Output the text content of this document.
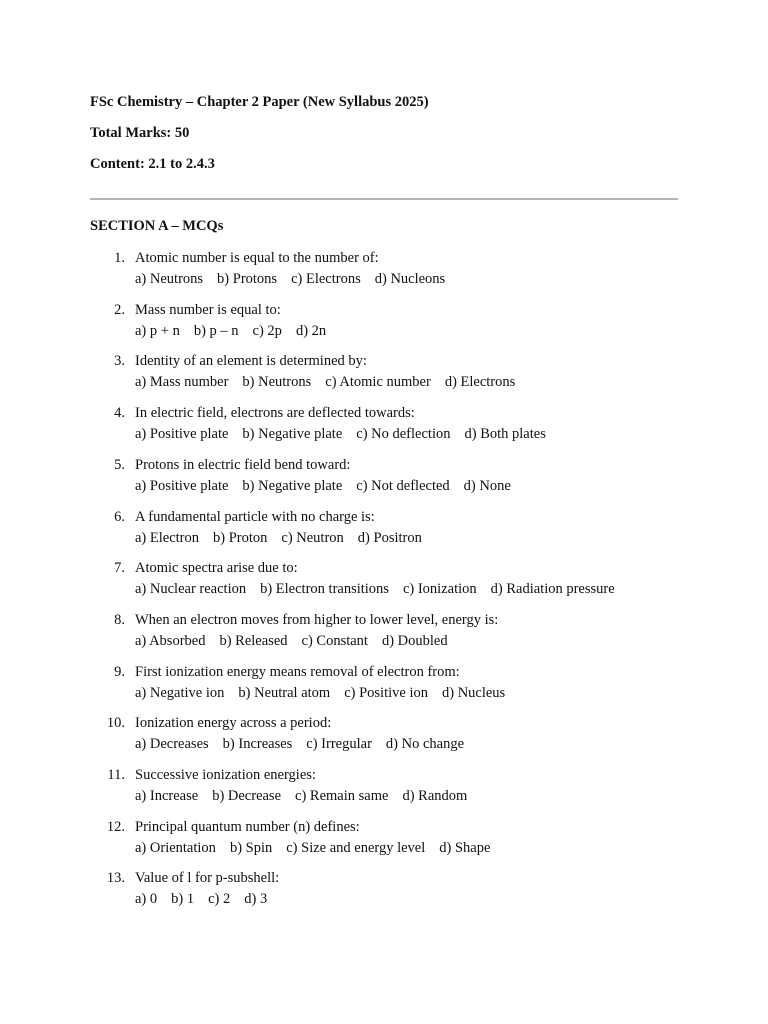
FSc Chemistry – Chapter 2 Paper (New Syllabus 2025)
Total Marks: 50
Content: 2.1 to 2.4.3
SECTION A – MCQs
1. Atomic number is equal to the number of:
a) Neutrons b) Protons c) Electrons d) Nucleons
2. Mass number is equal to:
a) p + n b) p – n c) 2p d) 2n
3. Identity of an element is determined by:
a) Mass number b) Neutrons c) Atomic number d) Electrons
4. In electric field, electrons are deflected towards:
a) Positive plate b) Negative plate c) No deflection d) Both plates
5. Protons in electric field bend toward:
a) Positive plate b) Negative plate c) Not deflected d) None
6. A fundamental particle with no charge is:
a) Electron b) Proton c) Neutron d) Positron
7. Atomic spectra arise due to:
a) Nuclear reaction b) Electron transitions c) Ionization d) Radiation pressure
8. When an electron moves from higher to lower level, energy is:
a) Absorbed b) Released c) Constant d) Doubled
9. First ionization energy means removal of electron from:
a) Negative ion b) Neutral atom c) Positive ion d) Nucleus
10. Ionization energy across a period:
a) Decreases b) Increases c) Irregular d) No change
11. Successive ionization energies:
a) Increase b) Decrease c) Remain same d) Random
12. Principal quantum number (n) defines:
a) Orientation b) Spin c) Size and energy level d) Shape
13. Value of l for p-subshell:
a) 0 b) 1 c) 2 d) 3
